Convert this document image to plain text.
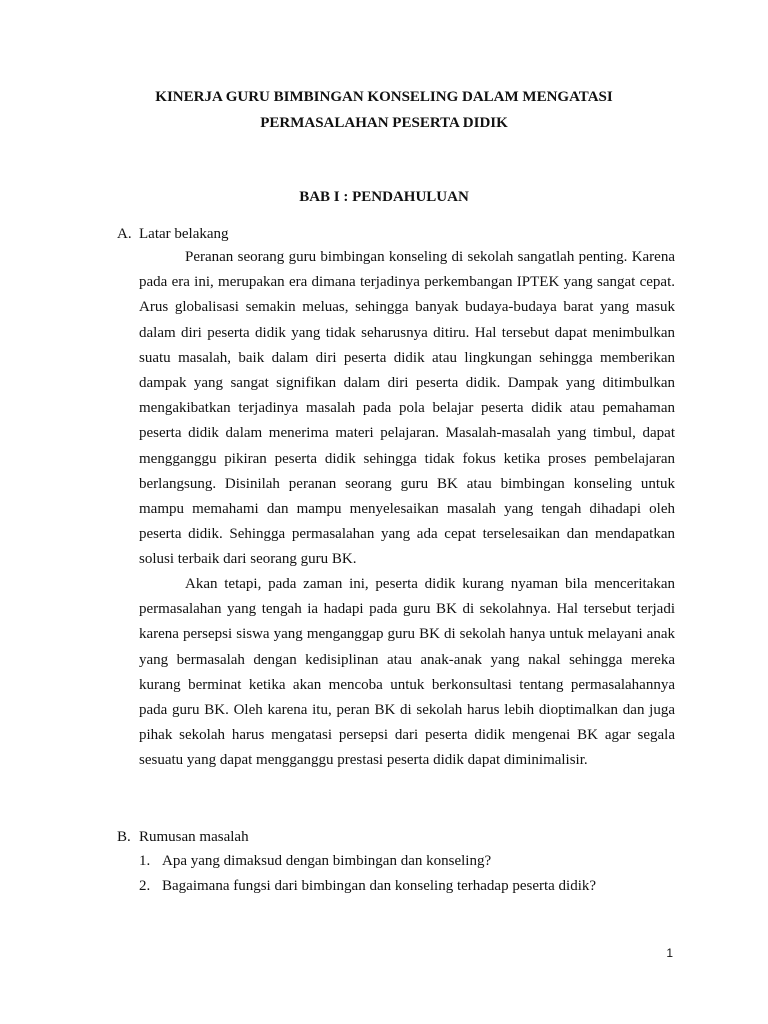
KINERJA GURU BIMBINGAN KONSELING DALAM MENGATASI
PERMASALAHAN PESERTA DIDIK
BAB I : PENDAHULUAN
A. Latar belakang

Peranan seorang guru bimbingan konseling di sekolah sangatlah penting. Karena pada era ini, merupakan era dimana terjadinya perkembangan IPTEK yang sangat cepat. Arus globalisasi semakin meluas, sehingga banyak budaya-budaya barat yang masuk dalam diri peserta didik yang tidak seharusnya ditiru. Hal tersebut dapat menimbulkan suatu masalah, baik dalam diri peserta didik atau lingkungan sehingga memberikan dampak yang sangat signifikan dalam diri peserta didik. Dampak yang ditimbulkan mengakibatkan terjadinya masalah pada pola belajar peserta didik atau pemahaman peserta didik dalam menerima materi pelajaran. Masalah-masalah yang timbul, dapat mengganggu pikiran peserta didik sehingga tidak fokus ketika proses pembelajaran berlangsung. Disinilah peranan seorang guru BK atau bimbingan konseling untuk mampu memahami dan mampu menyelesaikan masalah yang tengah dihadapi oleh peserta didik. Sehingga permasalahan yang ada cepat terselesaikan dan mendapatkan solusi terbaik dari seorang guru BK.

Akan tetapi, pada zaman ini, peserta didik kurang nyaman bila menceritakan permasalahan yang tengah ia hadapi pada guru BK di sekolahnya. Hal tersebut terjadi karena persepsi siswa yang menganggap guru BK di sekolah hanya untuk melayani anak yang bermasalah dengan kedisiplinan atau anak-anak yang nakal sehingga mereka kurang berminat ketika akan mencoba untuk berkonsultasi tentang permasalahannya pada guru BK. Oleh karena itu, peran BK di sekolah harus lebih dioptimalkan dan juga pihak sekolah harus mengatasi persepsi dari peserta didik mengenai BK agar segala sesuatu yang dapat mengganggu prestasi peserta didik dapat diminimalisir.

B. Rumusan masalah
1. Apa yang dimaksud dengan bimbingan dan konseling?
2. Bagaimana fungsi dari bimbingan dan konseling terhadap peserta didik?
1
